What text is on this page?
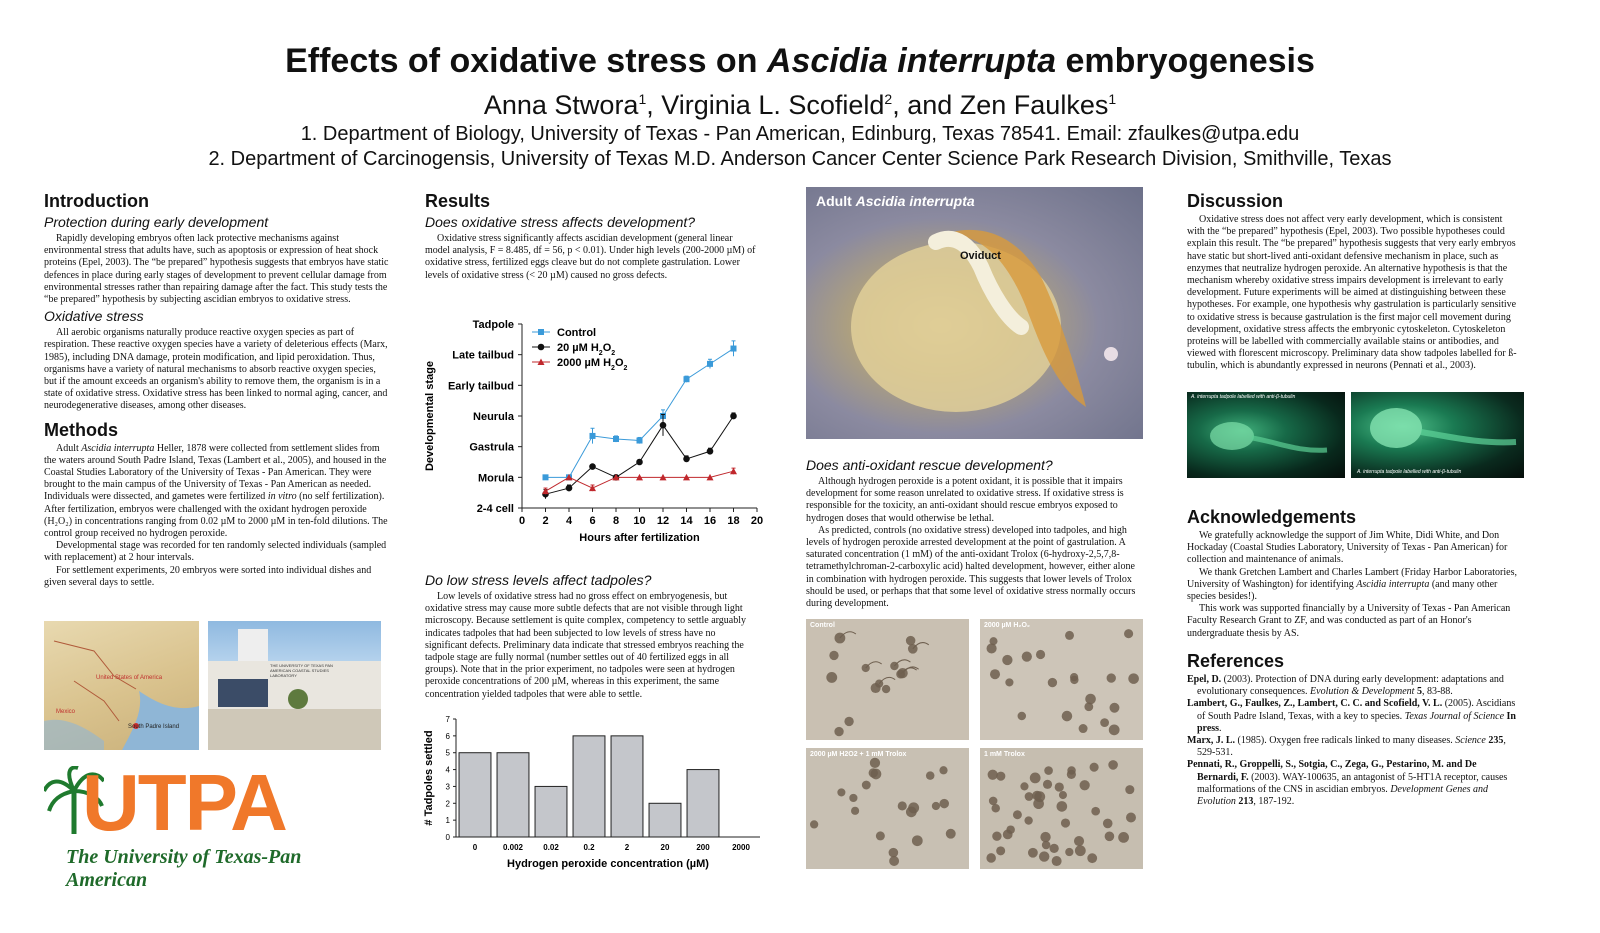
Effects of oxidative stress on Ascidia interrupta embryogenesis
Anna Stwora$^1$, Virginia L. Scofield$^2$, and Zen Faulkes$^1$
1. Department of Biology, University of Texas - Pan American, Edinburg, Texas 78541. Email: zfaulkes@utpa.edu
2. Department of Carcinogensis, University of Texas M.D. Anderson Cancer Center Science Park Research Division, Smithville, Texas
Introduction
Protection during early development

Rapidly developing embryos often lack protective mechanisms against environmental stress that adults have, such as apoptosis or expression of heat shock proteins (Epel, 2003). The “be prepared” hypothesis suggests that embryos have static defences in place during early stages of development to prevent cellular damage from environmental stresses rather than repairing damage after the fact. This study tests the “be prepared” hypothesis by subjecting ascidian embryos to oxidative stress.

Oxidative stress

All aerobic organisms naturally produce reactive oxygen species as part of respiration. These reactive oxygen species have a variety of deleterious effects (Marx, 1985), including DNA damage, protein modification, and lipid peroxidation. Thus, organisms have a variety of natural mechanisms to absorb reactive oxygen species, but if the amount exceeds an organism's ability to remove them, the organism is in a state of oxidative stress. Oxidative stress has been linked to normal aging, cancer, and neurodegenerative diseases, among other diseases.

Methods

Adult Ascidia interrupta Heller, 1878 were collected from settlement slides from the waters around South Padre Island, Texas (Lambert et al., 2005), and housed in the Coastal Studies Laboratory of the University of Texas - Pan American. They were brought to the main campus of the University of Texas - Pan American as needed. Individuals were dissected, and gametes were fertilized in vitro (no self fertilization). After fertilization, embryos were challenged with the oxidant hydrogen peroxide (H₂O₂) in concentrations ranging from 0.02 µM to 2000 µM in ten-fold dilutions. The control group received no hydrogen peroxide.

Developmental stage was recorded for ten randomly selected individuals (sampled with replacement) at 2 hour intervals.

For settlement experiments, 20 embryos were sorted into individual dishes and given several days to settle.

United States of America
Mexico
South Padre Island
THE UNIVERSITY OF TEXAS PAN AMERICAN COASTAL STUDIES LABORATORY
UTPA
The University of Texas-Pan American
Results
Does oxidative stress affects development?

Oxidative stress significantly affects ascidian development (general linear model analysis, F = 8.485, df = 56, p < 0.01). Under high levels (200-2000 µM) of oxidative stress, fertilized eggs cleave but do not complete gastrulation. Lower levels of oxidative stress (< 20 µM) caused no gross defects.

0 2 4 6 8 10 12 14 16 18 20
2-4 cell
Morula
Gastrula
Neurula
Early tailbud
Late tailbud
Tadpole
Hours after fertilization
Developmental stage
Control
20 µM $H_2O_2$
2000 µM $H_2O_2$
Do low stress levels affect tadpoles?

Low levels of oxidative stress had no gross effect on embryogenesis, but oxidative stress may cause more subtle defects that are not visible through light microscopy. Because settlement is quite complex, competency to settle arguably indicates tadpoles that had been subjected to low levels of stress have no significant defects. Preliminary data indicate that stressed embryos reaching the tadpole stage are fully normal (number settles out of 40 fertilized eggs in all groups). Note that in the prior experiment, no tadpoles were seen at hydrogen peroxide concentrations of 200 µM, whereas in this experiment, the same concentration yielded tadpoles that were able to settle.

0
1
2
3
4
5
6
7
0	0.002	0.02	0.2	2	20	200	2000
Hydrogen peroxide concentration (µM)
# Tadpoles settled
Adult Ascidia interrupta
Oviduct
Does anti-oxidant rescue development?

Although hydrogen peroxide is a potent oxidant, it is possible that it impairs development for some reason unrelated to oxidative stress. If oxidative stress is responsible for the toxicity, an anti-oxidant should rescue embryos exposed to hydrogen doses that would otherwise be lethal.

As predicted, controls (no oxidative stress) developed into tadpoles, and high levels of hydrogen peroxide arrested development at the point of gastrulation. A saturated concentration (1 mM) of the anti-oxidant Trolox (6-hydroxy-2,5,7,8-tetramethylchroman-2-carboxylic acid) halted development, however, either alone in combination with hydrogen peroxide. This suggests that lower levels of Trolox should be used, or perhaps that that some level of oxidative stress normally occurs during development.

Control	2000 µM H₂O₂
2000 µM H2O2 + 1 mM Trolox	1 mM Trolox
Discussion

Oxidative stress does not affect very early development, which is consistent with the “be prepared” hypothesis (Epel, 2003). Two possible hypotheses could explain this result. The “be prepared” hypothesis suggests that very early embryos have static but short-lived anti-oxidant defensive mechanism in place, such as enzymes that neutralize hydrogen peroxide. An alternative hypothesis is that the mechanism whereby oxidative stress impairs development is irrelevant to early development. Future experiments will be aimed at distinguishing between these hypotheses. For example, one hypothesis why gastrulation is particularly sensitive to oxidative stress is because gastrulation is the first major cell movement during development, oxidative stress affects the embryonic cytoskeleton. Cytoskeleton proteins will be labelled with commercially available stains or antibodies, and viewed with florescent microscopy. Preliminary data show tadpoles labelled for ß-tubulin, which is abundantly expressed in neurons (Pennati et al., 2003).

A. interrupta tadpole labelled with anti-β-tubulin
A. interrupta tadpole labelled with anti-β-tubulin
Acknowledgements

We gratefully acknowledge the support of Jim White, Didi White, and Don Hockaday (Coastal Studies Laboratory, University of Texas - Pan American) for collection and maintenance of animals.

We thank Gretchen Lambert and Charles Lambert (Friday Harbor Laboratories, University of Washington) for identifying Ascidia interrupta (and many other species besides!).

This work was supported financially by a University of Texas - Pan American Faculty Research Grant to ZF, and was conducted as part of an Honor's undergraduate thesis by AS.

References

Epel, D. (2003). Protection of DNA during early development: adaptations and evolutionary consequences. Evolution & Development 5, 83-88.

Lambert, G., Faulkes, Z., Lambert, C. C. and Scofield, V. L. (2005). Ascidians of South Padre Island, Texas, with a key to species. Texas Journal of Science In press.

Marx, J. L. (1985). Oxygen free radicals linked to many diseases. Science 235, 529-531.

Pennati, R., Groppelli, S., Sotgia, C., Zega, G., Pestarino, M. and De Bernardi, F. (2003). WAY-100635, an antagonist of 5-HT1A receptor, causes malformations of the CNS in ascidian embryos. Development Genes and Evolution 213, 187-192.
